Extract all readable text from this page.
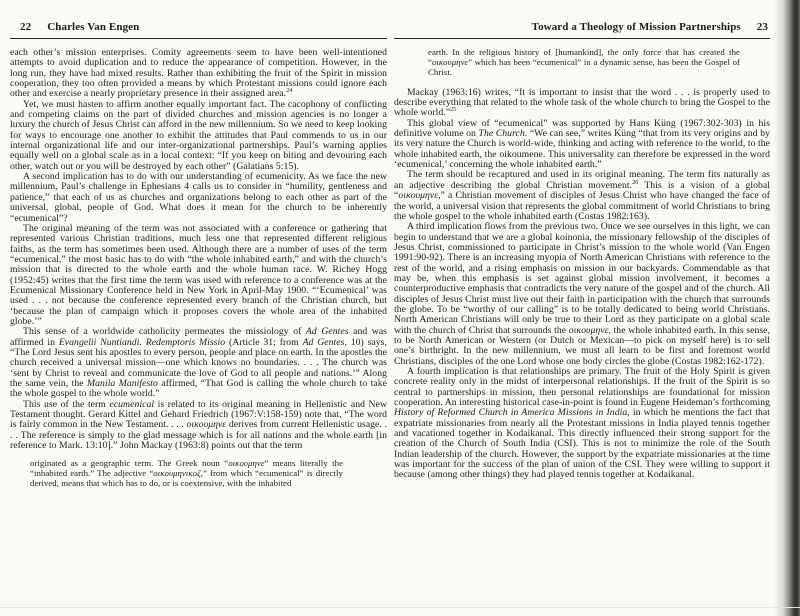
22 Charles Van Engen

each other’s mission enterprises. Comity agreements seem to have been well-intentioned attempts to avoid duplication and to reduce the appearance of competition. However, in the long run, they have had mixed results. Rather than exhibiting the fruit of the Spirit in mission cooperation, they too often provided a means by which Protestant missions could ignore each other and exercise a nearly proprietary presence in their assigned area.$^{24}$

Yet, we must hasten to affirm another equally important fact. The cacophony of conflicting and competing claims on the part of divided churches and mission agencies is no longer a luxury the church of Jesus Christ can afford in the new millennium. So we need to keep looking for ways to encourage one another to exhibit the attitudes that Paul commends to us in our internal organizational life and our inter-organizational partnerships. Paul’s warning applies equally well on a global scale as in a local context: “If you keep on biting and devouring each other, watch out or you will be destroyed by each other” (Galatians 5:15).

A second implication has to do with our understanding of ecumenicity. As we face the new millennium, Paul’s challenge in Ephesians 4 calls us to consider in “humility, gentleness and patience,” that each of us as churches and organizations belong to each other as part of the universal, global, people of God. What does it mean for the church to be inherently “ecumenical”?

The original meaning of the term was not associated with a conference or gathering that represented various Christian traditions, much less one that represented different religious faiths, as the term has sometimes been used. Although there are a number of uses of the term “ecumenical,” the most basic has to do with “the whole inhabited earth,” and with the church’s mission that is directed to the whole earth and the whole human race. W. Richey Hogg (1952:45) writes that the first time the term was used with reference to a conference was at the Ecumenical Missionary Conference held in New York in April-May 1900. “‘Ecumenical’ was used . . . not because the conference represented every branch of the Christian church, but ‘because the plan of campaign which it proposes covers the whole area of the inhabited globe.’”

This sense of a worldwide catholicity permeates the missiology of Ad Gentes and was affirmed in Evangelii Nuntiandi. Redemptoris Missio (Article 31; from Ad Gentes, 10) says, “The Lord Jesus sent his apostles to every person, people and place on earth. In the apostles the church received a universal mission—one which knows no boundaries. . . . The church was ‘sent by Christ to reveal and communicate the love of God to all people and nations.’” Along the same vein, the Manila Manifesto affirmed, “That God is calling the whole church to take the whole gospel to the whole world.”

This use of the term ecumenical is related to its original meaning in Hellenistic and New Testament thought. Gerard Kittel and Gehard Friedrich (1967:V:158-159) note that, “The word is fairly common in the New Testament. . . . οικουμηνε derives from current Hellenistic usage. . . . The reference is simply to the glad message which is for all nations and the whole earth [in reference to Mark. 13:10].” John Mackay (1963:8) points out that the term

originated as a geographic term. The Greek noun “οικουμηνε” means literally the “inhabited earth.” The adjective “οικουμηνικοζ,” from which “ecumenical” is directly derived, means that which has to do, or is coextensive, with the inhabited
Toward a Theology of Mission Partnerships 23
earth. In the religious history of [humankind], the only force that has created the “οικουμηνε” which has been “ecumenical” in a dynamic sense, has been the Gospel of Christ.

Mackay (1963:16) writes, “It is important to insist that the word . . . is properly used to describe everything that related to the whole task of the whole church to bring the Gospel to the whole world.”$^{25}$

This global view of “ecumenical” was supported by Hans Küng (1967:302-303) in his definitive volume on The Church. “We can see,” writes Küng “that from its very origins and by its very nature the Church is world-wide, thinking and acting with reference to the world, to the whole inhabited earth, the oikoumene. This universality can therefore be expressed in the word ‘ecumenical,’ concerning the whole inhabited earth.”

The term should be recaptured and used in its original meaning. The term fits naturally as an adjective describing the global Christian movement.$^{26}$ This is a vision of a global “οικουμηνε,” a Christian movement of disciples of Jesus Christ who have changed the face of the world, a universal vision that represents the global commitment of world Christians to bring the whole gospel to the whole inhabited earth (Costas 1982:163).

A third implication flows from the previous two. Once we see ourselves in this light, we can begin to understand that we are a global koinonia, the missionary fellowship of the disciples of Jesus Christ, commissioned to participate in Christ’s mission to the whole world (Van Engen 1991:90-92). There is an increasing myopia of North American Christians with reference to the rest of the world, and a rising emphasis on mission in our backyards. Commendable as that may be, when this emphasis is set against global mission involvement, it becomes a counterproductive emphasis that contradicts the very nature of the gospel and of the church. All disciples of Jesus Christ must live out their faith in participation with the church that surrounds the globe. To be “worthy of our calling” is to be totally dedicated to being world Christians. North American Christians will only be true to their Lord as they participate on a global scale with the church of Christ that surrounds the οικουμηνε, the whole inhabited earth. In this sense, to be North American or Western (or Dutch or Mexican—to pick on myself here) is to sell one’s birthright. In the new millennium, we must all learn to be first and foremost world Christians, disciples of the one Lord whose one body circles the globe (Costas 1982:162-172).

A fourth implication is that relationships are primary. The fruit of the Holy Spirit is given concrete reality only in the midst of interpersonal relationships. If the fruit of the Spirit is so central to partnerships in mission, then personal relationships are foundational for mission cooperation. An interesting historical case-in-point is found in Eugene Heideman’s forthcoming History of Reformed Church in America Missions in India, in which he mentions the fact that expatriate missionaries from nearly all the Protestant missions in India played tennis together and vacationed together in Kodaikanal. This directly influenced their strong support for the creation of the Church of South India (CSI). This is not to minimize the role of the South Indian leadership of the church. However, the support by the expatriate missionaries at the time was important for the success of the plan of union of the CSI. They were willing to support it because (among other things) they had played tennis together at Kodaikanal.
